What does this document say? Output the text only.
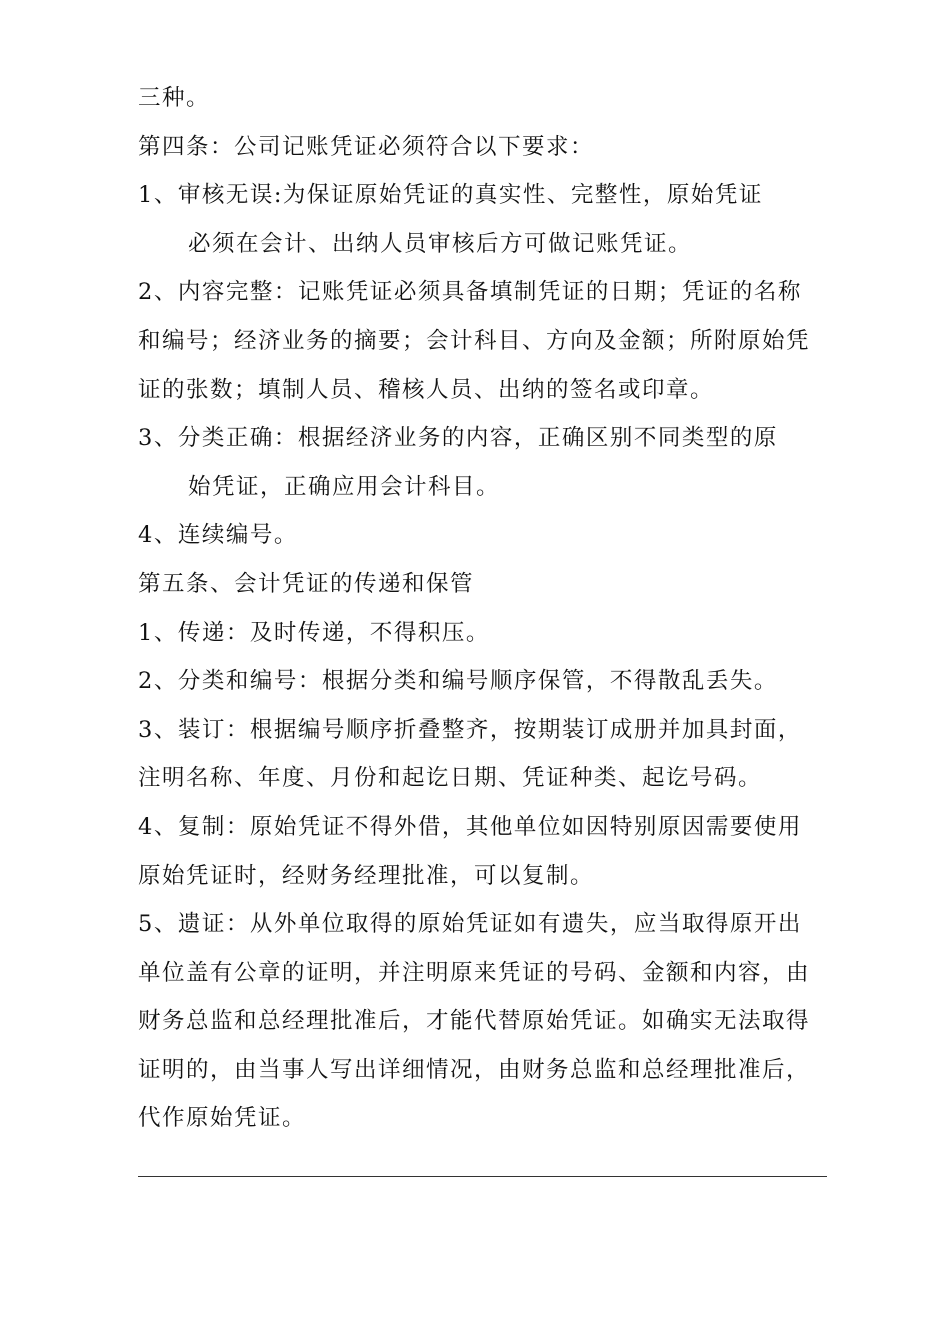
三种。
第四条：公司记账凭证必须符合以下要求：
1、审核无误:为保证原始凭证的真实性、完整性，原始凭证
必须在会计、出纳人员审核后方可做记账凭证。
2、内容完整：记账凭证必须具备填制凭证的日期；凭证的名称
和编号；经济业务的摘要；会计科目、方向及金额；所附原始凭
证的张数；填制人员、稽核人员、出纳的签名或印章。
3、分类正确：根据经济业务的内容，正确区别不同类型的原
始凭证，正确应用会计科目。
4、连续编号。
第五条、会计凭证的传递和保管
1、传递：及时传递，不得积压。
2、分类和编号：根据分类和编号顺序保管，不得散乱丢失。
3、装订：根据编号顺序折叠整齐，按期装订成册并加具封面，
注明名称、年度、月份和起讫日期、凭证种类、起讫号码。
4、复制：原始凭证不得外借，其他单位如因特别原因需要使用
原始凭证时，经财务经理批准，可以复制。
5、遗证：从外单位取得的原始凭证如有遗失，应当取得原开出
单位盖有公章的证明，并注明原来凭证的号码、金额和内容，由
财务总监和总经理批准后，才能代替原始凭证。如确实无法取得
证明的，由当事人写出详细情况，由财务总监和总经理批准后，
代作原始凭证。
